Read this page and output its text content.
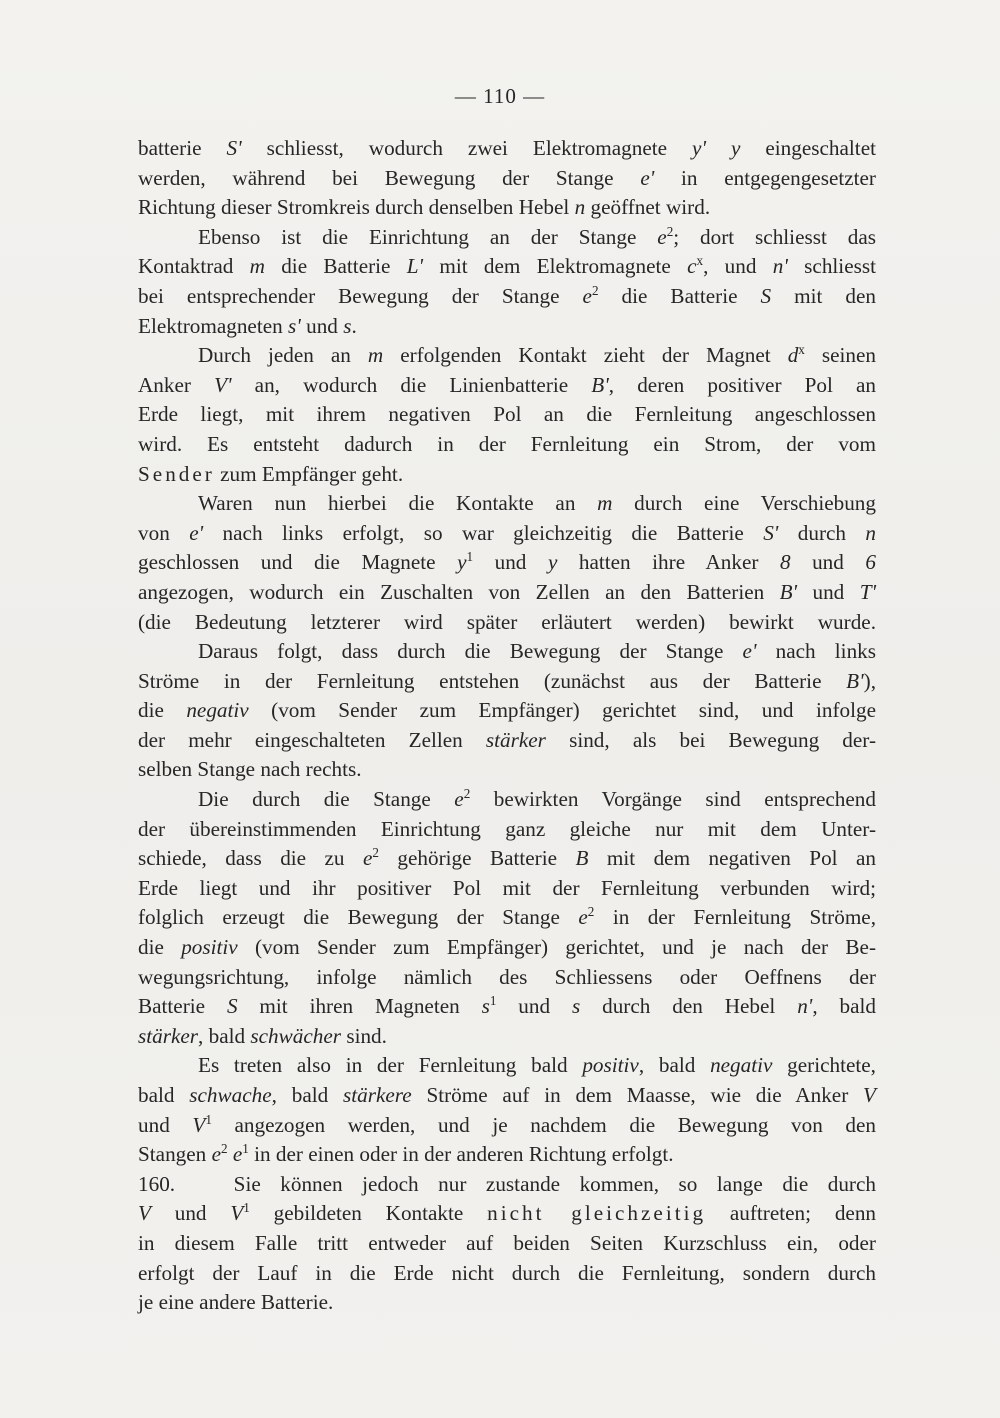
— 110 —
batterie S' schliesst, wodurch zwei Elektromagnete y' y eingeschaltet
werden, während bei Bewegung der Stange e' in entgegengesetzter
Richtung dieser Stromkreis durch denselben Hebel n geöffnet wird.
Ebenso ist die Einrichtung an der Stange $e^2$; dort schliesst das
Kontaktrad m die Batterie L' mit dem Elektromagnete $c^x$, und n' schliesst
bei entsprechender Bewegung der Stange $e^2$ die Batterie S mit den
Elektromagneten s' und s.
Durch jeden an m erfolgenden Kontakt zieht der Magnet $d^x$ seinen
Anker V' an, wodurch die Linienbatterie B', deren positiver Pol an
Erde liegt, mit ihrem negativen Pol an die Fernleitung angeschlossen
wird. Es entsteht dadurch in der Fernleitung ein Strom, der vom
Sender zum Empfänger geht.
Waren nun hierbei die Kontakte an m durch eine Verschiebung
von e' nach links erfolgt, so war gleichzeitig die Batterie S' durch n
geschlossen und die Magnete $y^1$ und y hatten ihre Anker 8 und 6
angezogen, wodurch ein Zuschalten von Zellen an den Batterien B' und T'
(die Bedeutung letzterer wird später erläutert werden) bewirkt wurde.
Daraus folgt, dass durch die Bewegung der Stange e' nach links
Ströme in der Fernleitung entstehen (zunächst aus der Batterie B'),
die negativ (vom Sender zum Empfänger) gerichtet sind, und infolge
der mehr eingeschalteten Zellen stärker sind, als bei Bewegung der-
selben Stange nach rechts.
Die durch die Stange $e^2$ bewirkten Vorgänge sind entsprechend
der übereinstimmenden Einrichtung ganz gleiche nur mit dem Unter-
schiede, dass die zu $e^2$ gehörige Batterie B mit dem negativen Pol an
Erde liegt und ihr positiver Pol mit der Fernleitung verbunden wird;
folglich erzeugt die Bewegung der Stange $e^2$ in der Fernleitung Ströme,
die positiv (vom Sender zum Empfänger) gerichtet, und je nach der Be-
wegungsrichtung, infolge nämlich des Schliessens oder Oeffnens der
Batterie S mit ihren Magneten $s^1$ und s durch den Hebel n', bald
stärker, bald schwächer sind.
Es treten also in der Fernleitung bald positiv, bald negativ gerichtete,
bald schwache, bald stärkere Ströme auf in dem Maasse, wie die Anker V
und $V^1$ angezogen werden, und je nachdem die Bewegung von den
Stangen $e^2$ $e^1$ in der einen oder in der anderen Richtung erfolgt.
160.   Sie können jedoch nur zustande kommen, so lange die durch
V und $V^1$ gebildeten Kontakte nicht gleichzeitig auftreten; denn
in diesem Falle tritt entweder auf beiden Seiten Kurzschluss ein, oder
erfolgt der Lauf in die Erde nicht durch die Fernleitung, sondern durch
je eine andere Batterie.
